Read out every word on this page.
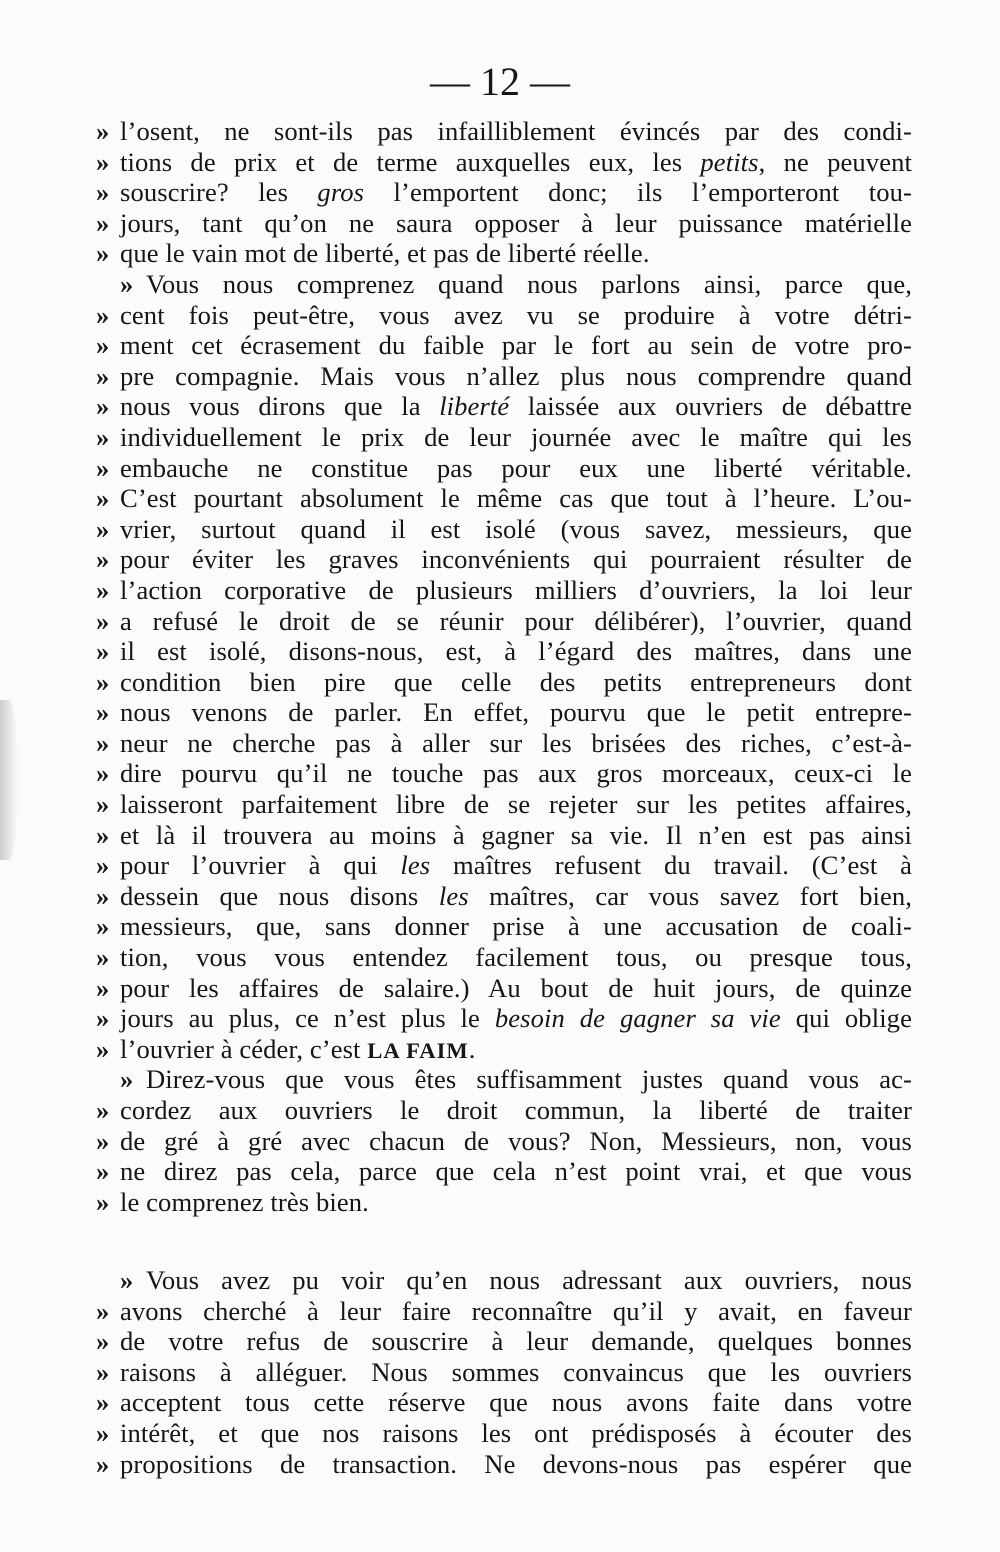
— 12 —
» l’osent, ne sont-ils pas infailliblement évincés par des condi-
» tions de prix et de terme auxquelles eux, les petits, ne peuvent
» souscrire? les gros l’emportent donc; ils l’emporteront tou-
» jours, tant qu’on ne saura opposer à leur puissance matérielle
» que le vain mot de liberté, et pas de liberté réelle.
» Vous nous comprenez quand nous parlons ainsi, parce que,
» cent fois peut-être, vous avez vu se produire à votre détri-
» ment cet écrasement du faible par le fort au sein de votre pro-
» pre compagnie. Mais vous n’allez plus nous comprendre quand
» nous vous dirons que la liberté laissée aux ouvriers de débattre
» individuellement le prix de leur journée avec le maître qui les
» embauche ne constitue pas pour eux une liberté véritable.
» C’est pourtant absolument le même cas que tout à l’heure. L’ou-
» vrier, surtout quand il est isolé (vous savez, messieurs, que
» pour éviter les graves inconvénients qui pourraient résulter de
» l’action corporative de plusieurs milliers d’ouvriers, la loi leur
» a refusé le droit de se réunir pour délibérer), l’ouvrier, quand
» il est isolé, disons-nous, est, à l’égard des maîtres, dans une
» condition bien pire que celle des petits entrepreneurs dont
» nous venons de parler. En effet, pourvu que le petit entrepre-
» neur ne cherche pas à aller sur les brisées des riches, c’est-à-
» dire pourvu qu’il ne touche pas aux gros morceaux, ceux-ci le
» laisseront parfaitement libre de se rejeter sur les petites affaires,
» et là il trouvera au moins à gagner sa vie. Il n’en est pas ainsi
» pour l’ouvrier à qui les maîtres refusent du travail. (C’est à
» dessein que nous disons les maîtres, car vous savez fort bien,
» messieurs, que, sans donner prise à une accusation de coali-
» tion, vous vous entendez facilement tous, ou presque tous,
» pour les affaires de salaire.) Au bout de huit jours, de quinze
» jours au plus, ce n’est plus le besoin de gagner sa vie qui oblige
» l’ouvrier à céder, c’est LA FAIM.
» Direz-vous que vous êtes suffisamment justes quand vous ac-
» cordez aux ouvriers le droit commun, la liberté de traiter
» de gré à gré avec chacun de vous? Non, Messieurs, non, vous
» ne direz pas cela, parce que cela n’est point vrai, et que vous
» le comprenez très bien.
» Vous avez pu voir qu’en nous adressant aux ouvriers, nous
» avons cherché à leur faire reconnaître qu’il y avait, en faveur
» de votre refus de souscrire à leur demande, quelques bonnes
» raisons à alléguer. Nous sommes convaincus que les ouvriers
» acceptent tous cette réserve que nous avons faite dans votre
» intérêt, et que nos raisons les ont prédisposés à écouter des
» propositions de transaction. Ne devons-nous pas espérer que
